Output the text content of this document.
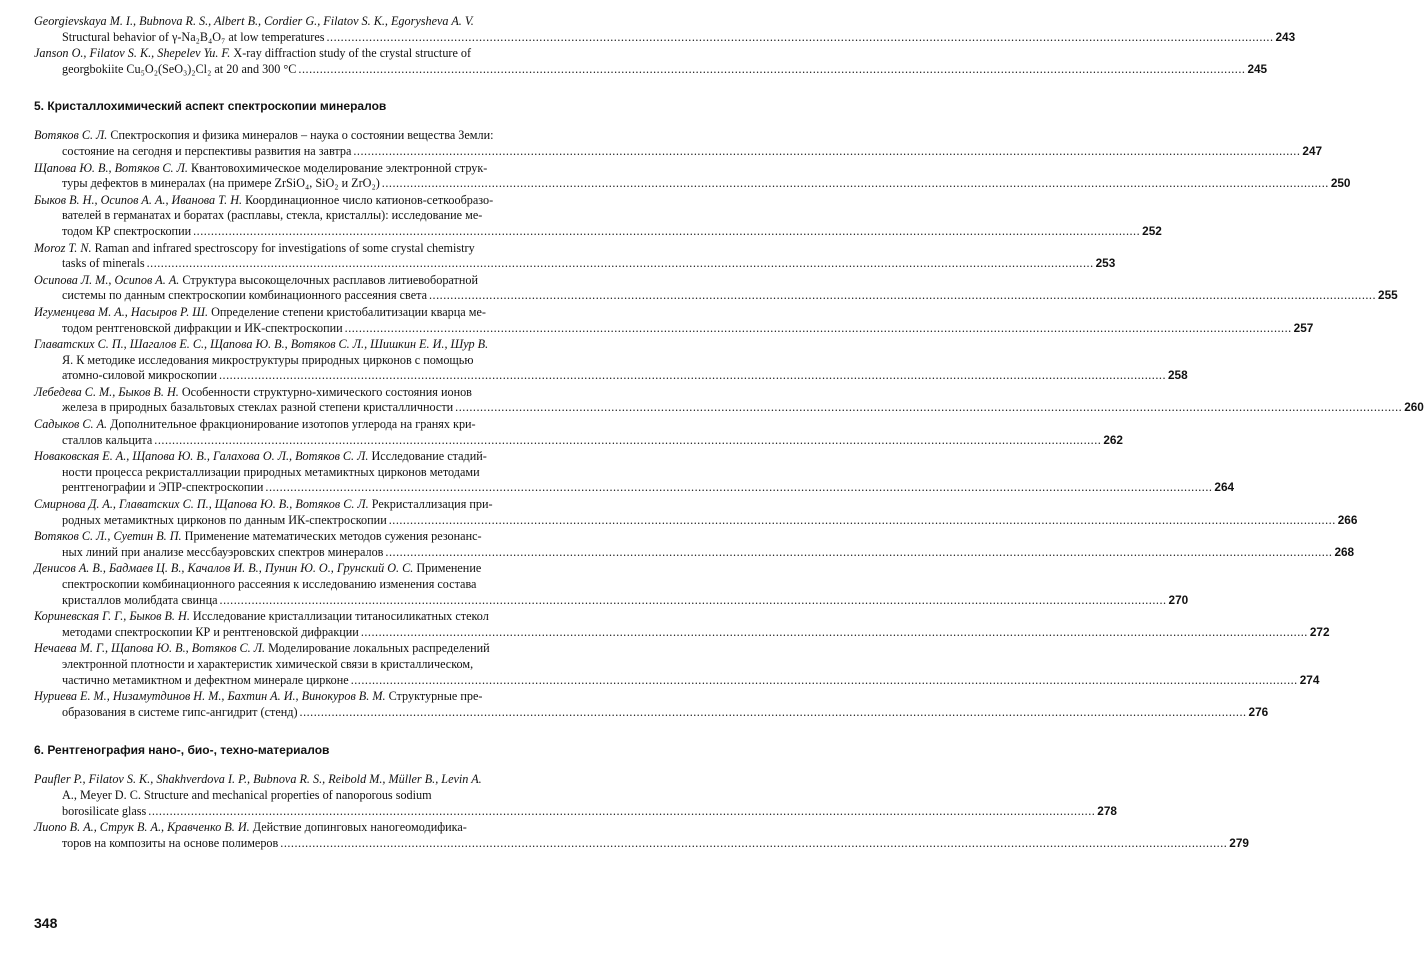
Georgievskaya M. I., Bubnova R. S., Albert B., Cordier G., Filatov S. K., Egorysheva A. V.
Structural behavior of γ-Na₂B₄O₇ at low temperatures .....	243
Janson O., Filatov S. K., Shepelev Yu. F. X-ray diffraction study of the crystal structure of
georgbokiite Cu₅O₂(SeO₃)₂Cl₂ at 20 and 300 °C .....	245
5. Кристаллохимический аспект спектроскопии минералов
Вотяков С. Л. Спектроскопия и физика минералов – наука о состоянии вещества Земли:
состояние на сегодня и перспективы развития на завтра .....	247
Щапова Ю. В., Вотяков С. Л. Квантовохимическое моделирование электронной струк-
туры дефектов в минералах (на примере ZrSiO₄, SiO₂ и ZrO₂) .....	250
Быков В. Н., Осипов А. А., Иванова Т. Н. Координационное число катионов-сеткообразо-
вателей в германатах и боратах (расплавы, стекла, кристаллы): исследование ме-
тодом КР спектроскопии .....	252
Moroz T. N. Raman and infrared spectroscopy for investigations of some crystal chemistry
tasks of minerals .....	253
Осипова Л. М., Осипов А. А. Структура высокощелочных расплавов литиевоборатной
системы по данным спектроскопии комбинационного рассеяния света .....	255
Игуменцева М. А., Насыров Р. Ш. Определение степени кристобалитизации кварца ме-
тодом рентгеновской дифракции и ИК-спектроскопии .....	257
Главатских С. П., Шагалов Е. С., Щапова Ю. В., Вотяков С. Л., Шишкин Е. И., Шур В.
Я. К методике исследования микроструктуры природных цирконов с помощью
атомно-силовой микроскопии .....	258
Лебедева С. М., Быков В. Н. Особенности структурно-химического состояния ионов
железа в природных базальтовых стеклах разной степени кристалличности .....	260
Садыков С. А. Дополнительное фракционирование изотопов углерода на гранях кри-
сталлов кальцита .....	262
Новаковская Е. А., Щапова Ю. В., Галахова О. Л., Вотяков С. Л. Исследование стадий-
ности процесса рекристаллизации природных метамиктных цирконов методами
рентгенографии и ЭПР-спектроскопии .....	264
Смирнова Д. А., Главатских С. П., Щапова Ю. В., Вотяков С. Л. Рекристаллизация при-
родных метамиктных цирконов по данным ИК-спектроскопии .....	266
Вотяков С. Л., Суетин В. П. Применение математических методов сужения резонанс-
ных линий при анализе мессбауэровских спектров минералов .....	268
Денисов А. В., Бадмаев Ц. В., Качалов И. В., Пунин Ю. О., Грунский О. С. Применение
спектроскопии комбинационного рассеяния к исследованию изменения состава
кристаллов молибдата свинца .....	270
Кориневская Г. Г., Быков В. Н. Исследование кристаллизации титаносиликатных стекол
методами спектроскопии КР и рентгеновской дифракции .....	272
Нечаева М. Г., Щапова Ю. В., Вотяков С. Л. Моделирование локальных распределений
электронной плотности и характеристик химической связи в кристаллическом,
частично метамиктном и дефектном минерале цирконе .....	274
Нуриева Е. М., Низамутдинов Н. М., Бахтин А. И., Винокуров В. М. Структурные пре-
образования в системе гипс-ангидрит (стенд) .....	276
6. Рентгенография нано-, био-, техно-материалов
Paufler P., Filatov S. K., Shakhverdova I. P., Bubnova R. S., Reibold M., Müller B., Levin A.
A., Meyer D. C. Structure and mechanical properties of nanoporous sodium
borosilicate glass .....	278
Лиопо В. А., Струк В. А., Кравченко В. И. Действие допинговых наногеомодифика-
торов на композиты на основе полимеров .....	279
348
